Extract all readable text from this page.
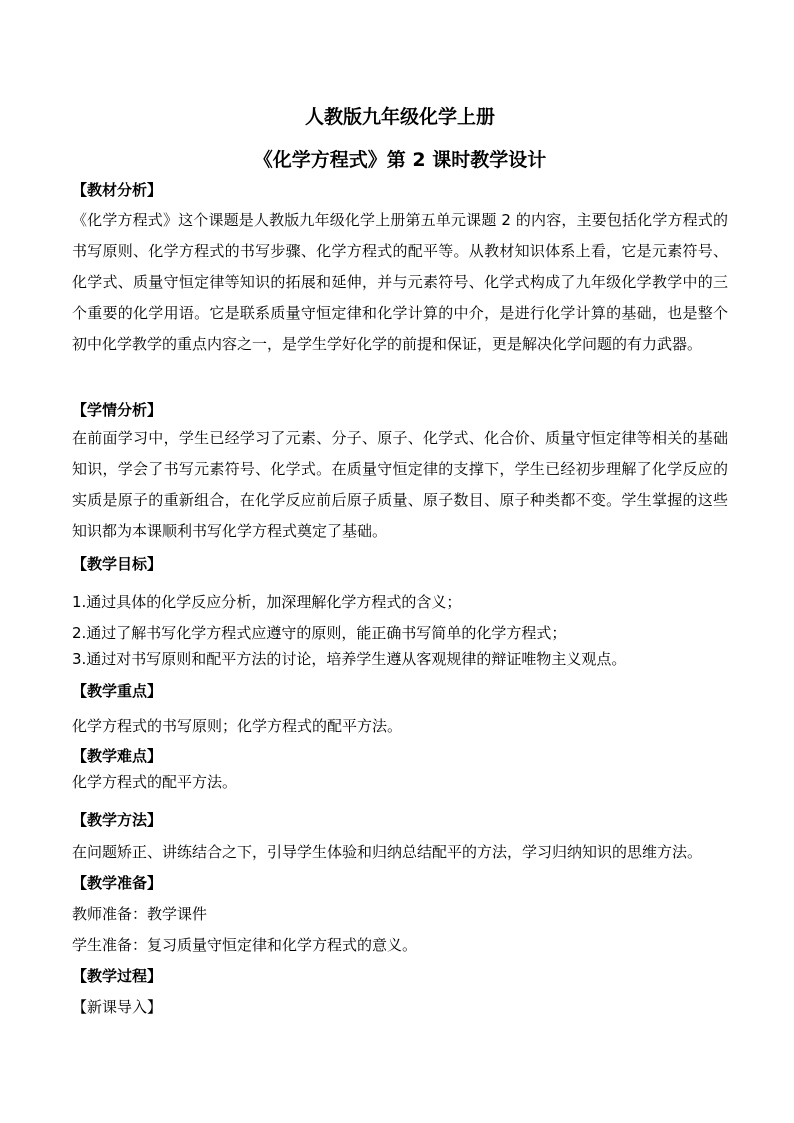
人教版九年级化学上册
《化学方程式》第 2 课时教学设计
【教材分析】
《化学方程式》这个课题是人教版九年级化学上册第五单元课题 2 的内容，主要包括化学方程式的书写原则、化学方程式的书写步骤、化学方程式的配平等。从教材知识体系上看，它是元素符号、化学式、质量守恒定律等知识的拓展和延伸，并与元素符号、化学式构成了九年级化学教学中的三个重要的化学用语。它是联系质量守恒定律和化学计算的中介，是进行化学计算的基础，也是整个初中化学教学的重点内容之一，是学生学好化学的前提和保证，更是解决化学问题的有力武器。
【学情分析】
在前面学习中，学生已经学习了元素、分子、原子、化学式、化合价、质量守恒定律等相关的基础知识，学会了书写元素符号、化学式。在质量守恒定律的支撑下，学生已经初步理解了化学反应的实质是原子的重新组合，在化学反应前后原子质量、原子数目、原子种类都不变。学生掌握的这些知识都为本课顺利书写化学方程式奠定了基础。
【教学目标】
1.通过具体的化学反应分析，加深理解化学方程式的含义；
2.通过了解书写化学方程式应遵守的原则，能正确书写简单的化学方程式；
3.通过对书写原则和配平方法的讨论，培养学生遵从客观规律的辩证唯物主义观点。
【教学重点】
化学方程式的书写原则；化学方程式的配平方法。
【教学难点】
化学方程式的配平方法。
【教学方法】
在问题矫正、讲练结合之下，引导学生体验和归纳总结配平的方法，学习归纳知识的思维方法。
【教学准备】
教师准备：教学课件
学生准备：复习质量守恒定律和化学方程式的意义。
【教学过程】
【新课导入】
